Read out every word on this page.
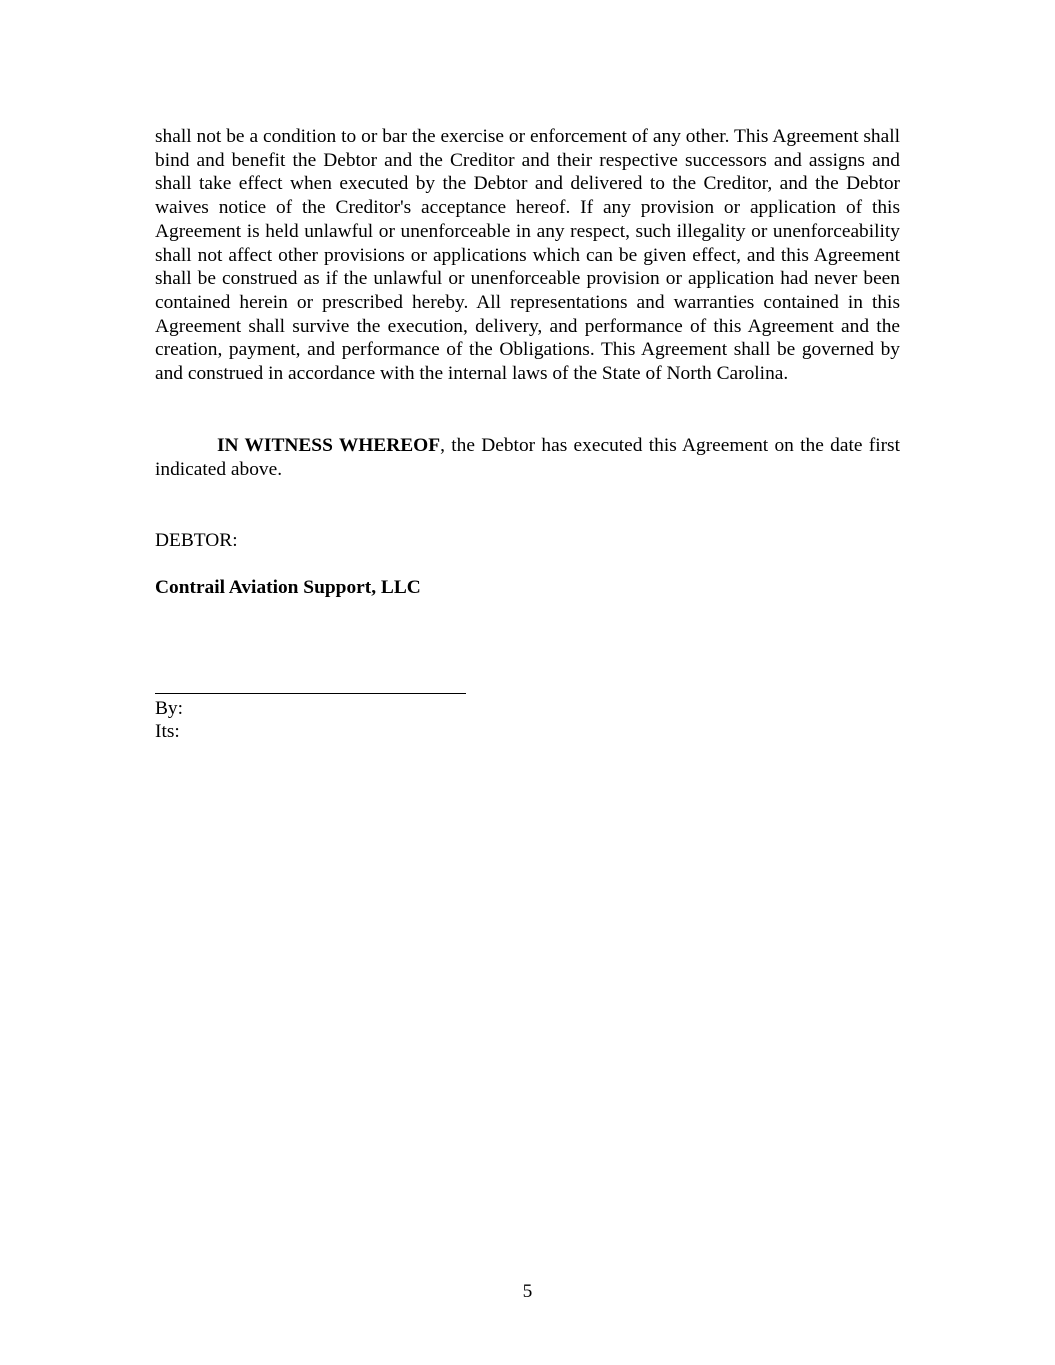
shall not be a condition to or bar the exercise or enforcement of any other. This Agreement shall bind and benefit the Debtor and the Creditor and their respective successors and assigns and shall take effect when executed by the Debtor and delivered to the Creditor, and the Debtor waives notice of the Creditor's acceptance hereof. If any provision or application of this Agreement is held unlawful or unenforceable in any respect, such illegality or unenforceability shall not affect other provisions or applications which can be given effect, and this Agreement shall be construed as if the unlawful or unenforceable provision or application had never been contained herein or prescribed hereby. All representations and warranties contained in this Agreement shall survive the execution, delivery, and performance of this Agreement and the creation, payment, and performance of the Obligations. This Agreement shall be governed by and construed in accordance with the internal laws of the State of North Carolina.

IN WITNESS WHEREOF, the Debtor has executed this Agreement on the date first indicated above.

DEBTOR:

Contrail Aviation Support, LLC

By:

Its:

5
